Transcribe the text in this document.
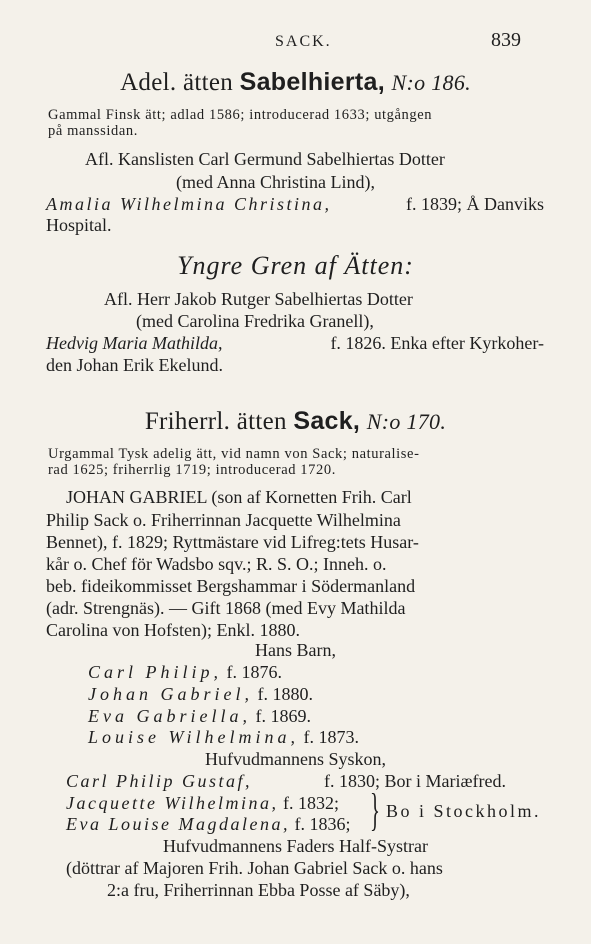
SACK.	839
Adel. ätten Sabelhierta, N:o 186.
Gammal Finsk ätt; adlad 1586; introducerad 1633; utgången
på manssidan.
Afl. Kanslisten Carl Germund Sabelhiertas Dotter
(med Anna Christina Lind),
Amalia Wilhelmina Christina,	f. 1839; Å Danviks
Hospital.
Yngre Gren af Ätten:
Afl. Herr Jakob Rutger Sabelhiertas Dotter
(med Carolina Fredrika Granell),
Hedvig Maria Mathilda,	f. 1826. Enka efter Kyrkoher-
den Johan Erik Ekelund.
Friherrl. ätten Sack, N:o 170.
Urgammal Tysk adelig ätt, vid namn von Sack; naturalise-
rad 1625; friherrlig 1719; introducerad 1720.
JOHAN GABRIEL (son af Kornetten Frih. Carl
Philip Sack o. Friherrinnan Jacquette Wilhelmina
Bennet), f. 1829; Ryttmästare vid Lifreg:tets Husar-
kår o. Chef för Wadsbo sqv.; R. S. O.; Inneh. o.
beb. fideikommisset Bergshammar i Södermanland
(adr. Strengnäs). — Gift 1868 (med Evy Mathilda
Carolina von Hofsten); Enkl. 1880.
Hans Barn,
Carl Philip, f. 1876.
Johan Gabriel, f. 1880.
Eva Gabriella, f. 1869.
Louise Wilhelmina, f. 1873.
Hufvudmannens Syskon,
Carl Philip Gustaf,	f. 1830; Bor i Mariæfred.
Jacquette Wilhelmina, f. 1832;
Eva Louise Magdalena, f. 1836; } Bo i Stockholm.
Hufvudmannens Faders Half-Systrar
(döttrar af Majoren Frih. Johan Gabriel Sack o. hans
2:a fru, Friherrinnan Ebba Posse af Säby),
